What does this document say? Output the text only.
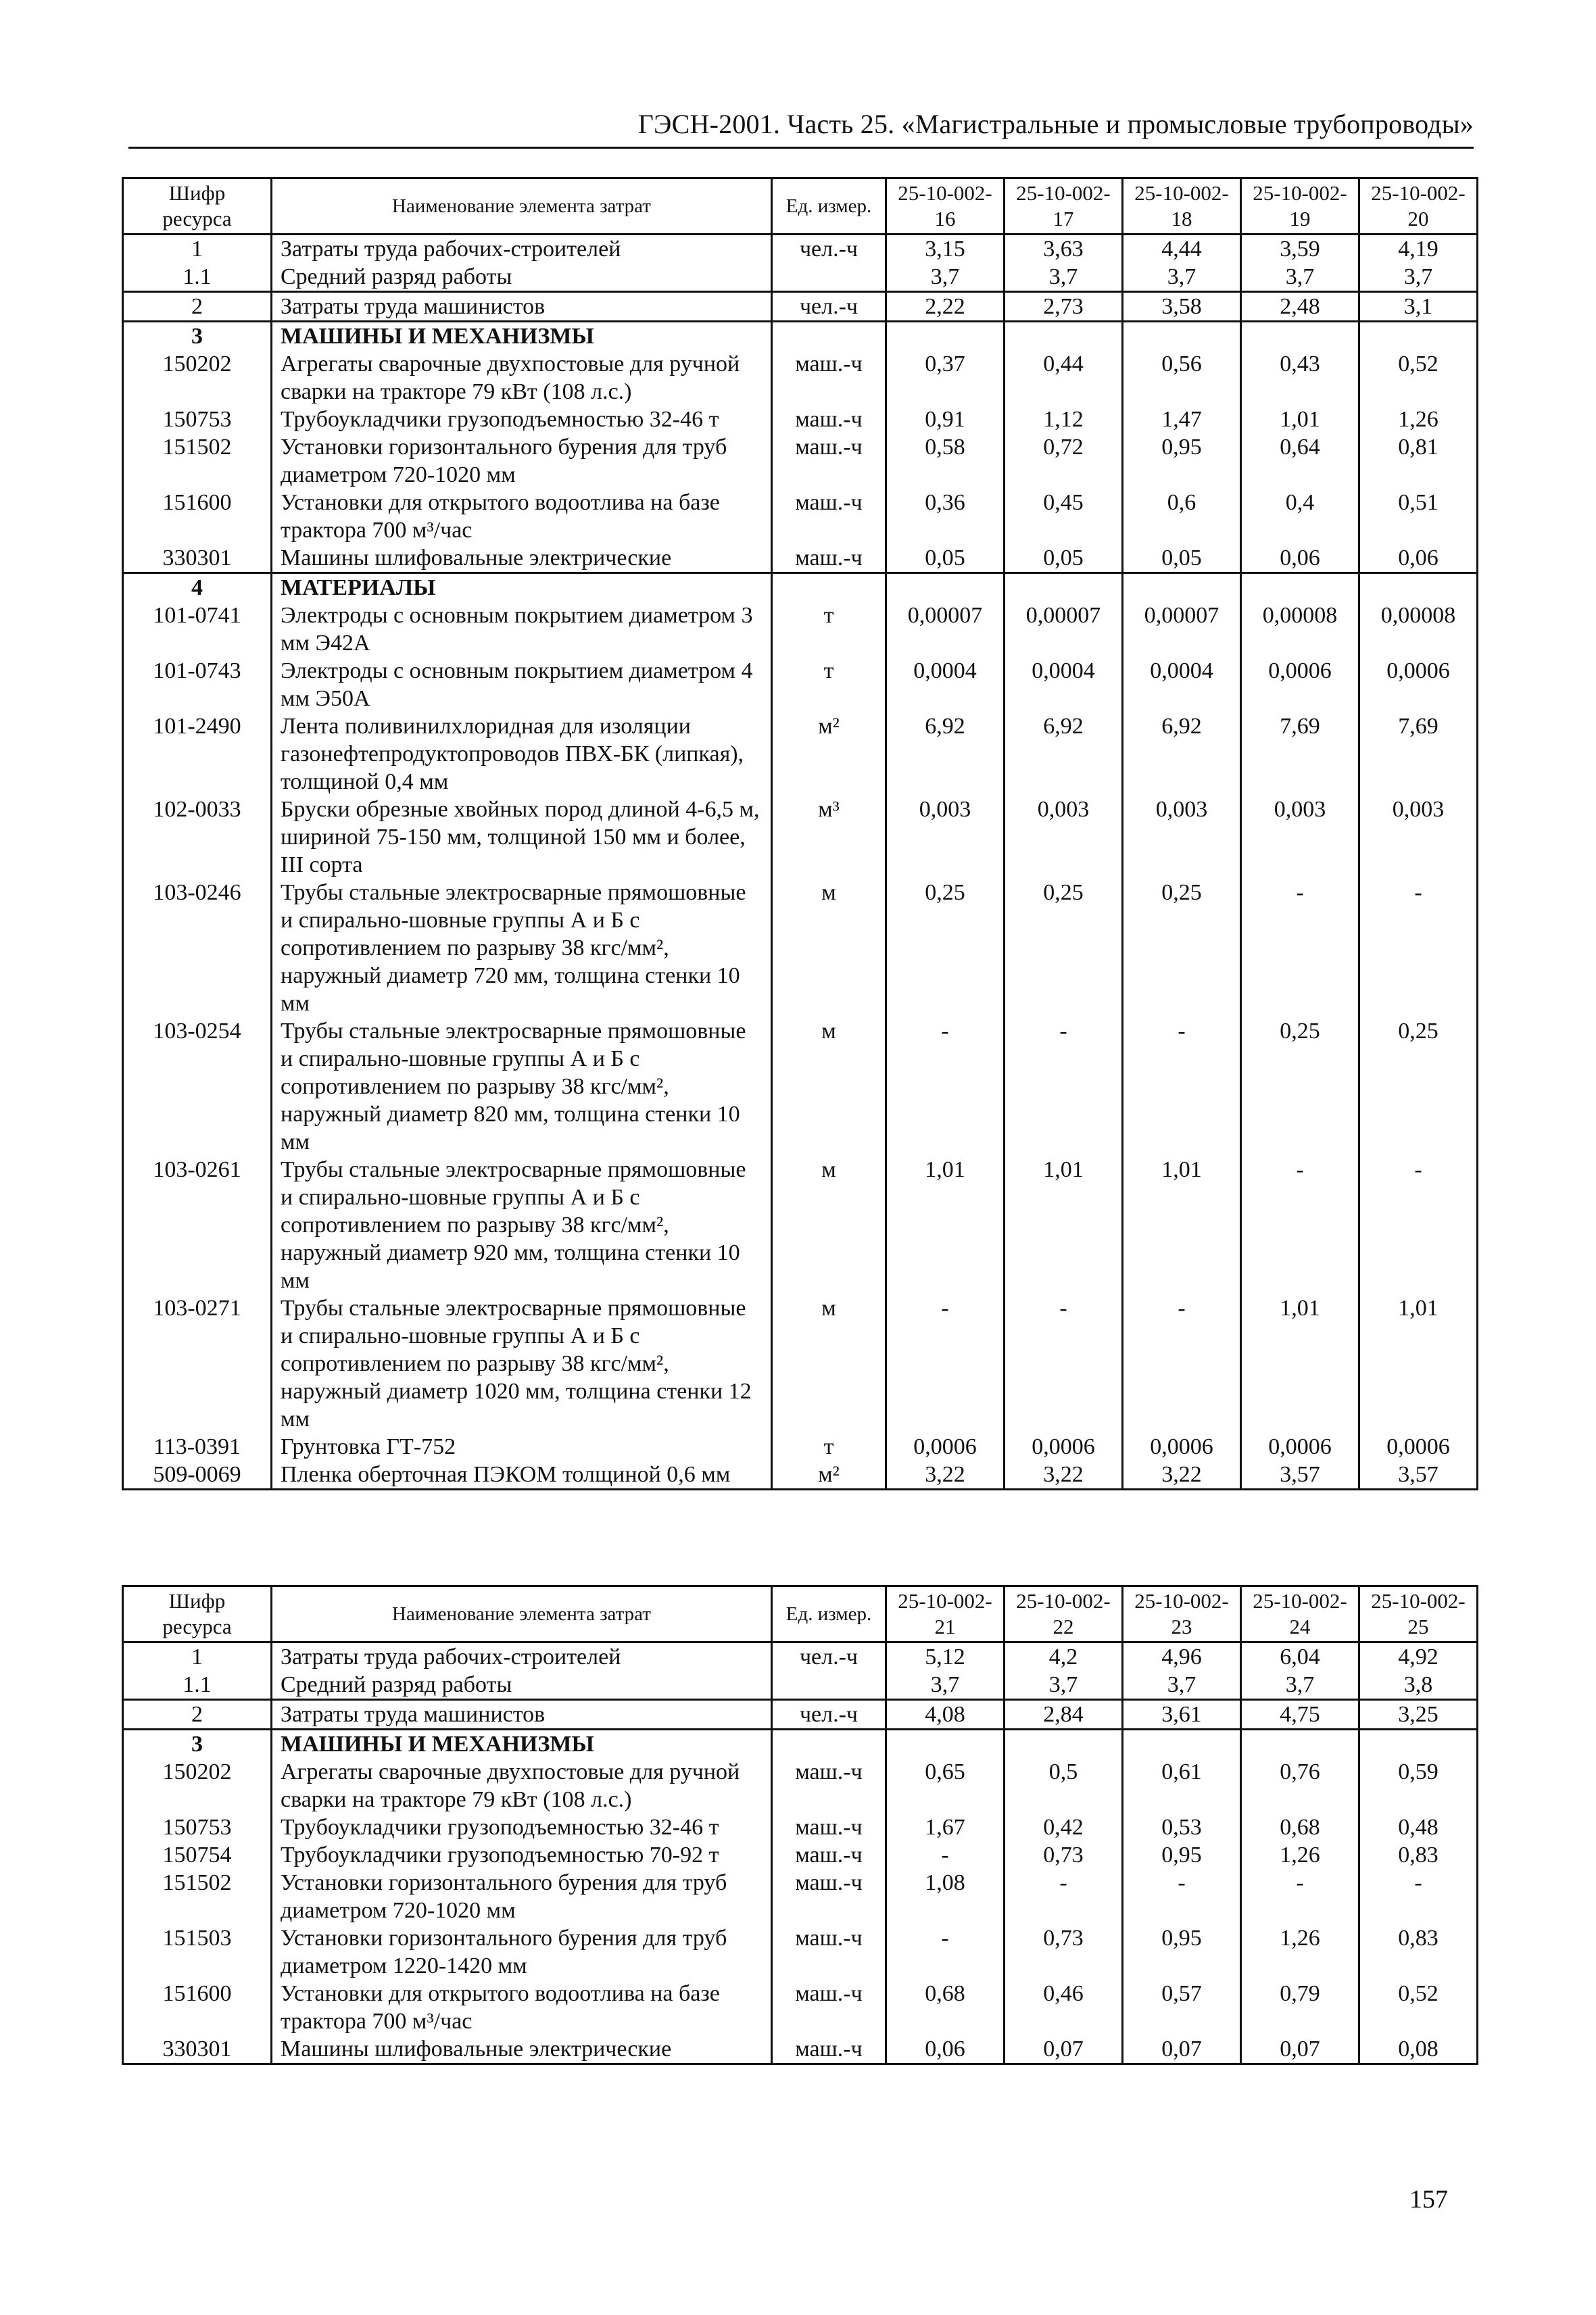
ГЭСН-2001. Часть 25. «Магистральные и промысловые трубопроводы»
Шифр ресурса	Наименование элемента затрат	Ед. измер.	25-10-002-16	25-10-002-17	25-10-002-18	25-10-002-19	25-10-002-20
1	Затраты труда рабочих-строителей	чел.-ч	3,15	3,63	4,44	3,59	4,19
1.1	Средний разряд работы		3,7	3,7	3,7	3,7	3,7
2	Затраты труда машинистов	чел.-ч	2,22	2,73	3,58	2,48	3,1
3	МАШИНЫ И МЕХАНИЗМЫ						
150202	Агрегаты сварочные двухпостовые для ручной сварки на тракторе 79 кВт (108 л.с.)	маш.-ч	0,37	0,44	0,56	0,43	0,52
150753	Трубоукладчики грузоподъемностью 32-46 т	маш.-ч	0,91	1,12	1,47	1,01	1,26
151502	Установки горизонтального бурения для труб диаметром 720-1020 мм	маш.-ч	0,58	0,72	0,95	0,64	0,81
151600	Установки для открытого водоотлива на базе трактора 700 м³/час	маш.-ч	0,36	0,45	0,6	0,4	0,51
330301	Машины шлифовальные электрические	маш.-ч	0,05	0,05	0,05	0,06	0,06
4	МАТЕРИАЛЫ						
101-0741	Электроды с основным покрытием диаметром 3 мм Э42А	т	0,00007	0,00007	0,00007	0,00008	0,00008
101-0743	Электроды с основным покрытием диаметром 4 мм Э50А	т	0,0004	0,0004	0,0004	0,0006	0,0006
101-2490	Лента поливинилхлоридная для изоляции газонефтепродуктопроводов ПВХ-БК (липкая), толщиной 0,4 мм	м²	6,92	6,92	6,92	7,69	7,69
102-0033	Бруски обрезные хвойных пород длиной 4-6,5 м, шириной 75-150 мм, толщиной 150 мм и более, III сорта	м³	0,003	0,003	0,003	0,003	0,003
103-0246	Трубы стальные электросварные прямошовные и спирально-шовные группы А и Б с сопротивлением по разрыву 38 кгс/мм², наружный диаметр 720 мм, толщина стенки 10 мм	м	0,25	0,25	0,25	-	-
103-0254	Трубы стальные электросварные прямошовные и спирально-шовные группы А и Б с сопротивлением по разрыву 38 кгс/мм², наружный диаметр 820 мм, толщина стенки 10 мм	м	-	-	-	0,25	0,25
103-0261	Трубы стальные электросварные прямошовные и спирально-шовные группы А и Б с сопротивлением по разрыву 38 кгс/мм², наружный диаметр 920 мм, толщина стенки 10 мм	м	1,01	1,01	1,01	-	-
103-0271	Трубы стальные электросварные прямошовные и спирально-шовные группы А и Б с сопротивлением по разрыву 38 кгс/мм², наружный диаметр 1020 мм, толщина стенки 12 мм	м	-	-	-	1,01	1,01
113-0391	Грунтовка ГТ-752	т	0,0006	0,0006	0,0006	0,0006	0,0006
509-0069	Пленка оберточная ПЭКОМ толщиной 0,6 мм	м²	3,22	3,22	3,22	3,57	3,57
Шифр ресурса	Наименование элемента затрат	Ед. измер.	25-10-002-21	25-10-002-22	25-10-002-23	25-10-002-24	25-10-002-25
1	Затраты труда рабочих-строителей	чел.-ч	5,12	4,2	4,96	6,04	4,92
1.1	Средний разряд работы		3,7	3,7	3,7	3,7	3,8
2	Затраты труда машинистов	чел.-ч	4,08	2,84	3,61	4,75	3,25
3	МАШИНЫ И МЕХАНИЗМЫ						
150202	Агрегаты сварочные двухпостовые для ручной сварки на тракторе 79 кВт (108 л.с.)	маш.-ч	0,65	0,5	0,61	0,76	0,59
150753	Трубоукладчики грузоподъемностью 32-46 т	маш.-ч	1,67	0,42	0,53	0,68	0,48
150754	Трубоукладчики грузоподъемностью 70-92 т	маш.-ч	-	0,73	0,95	1,26	0,83
151502	Установки горизонтального бурения для труб диаметром 720-1020 мм	маш.-ч	1,08	-	-	-	-
151503	Установки горизонтального бурения для труб диаметром 1220-1420 мм	маш.-ч	-	0,73	0,95	1,26	0,83
151600	Установки для открытого водоотлива на базе трактора 700 м³/час	маш.-ч	0,68	0,46	0,57	0,79	0,52
330301	Машины шлифовальные электрические	маш.-ч	0,06	0,07	0,07	0,07	0,08
157
